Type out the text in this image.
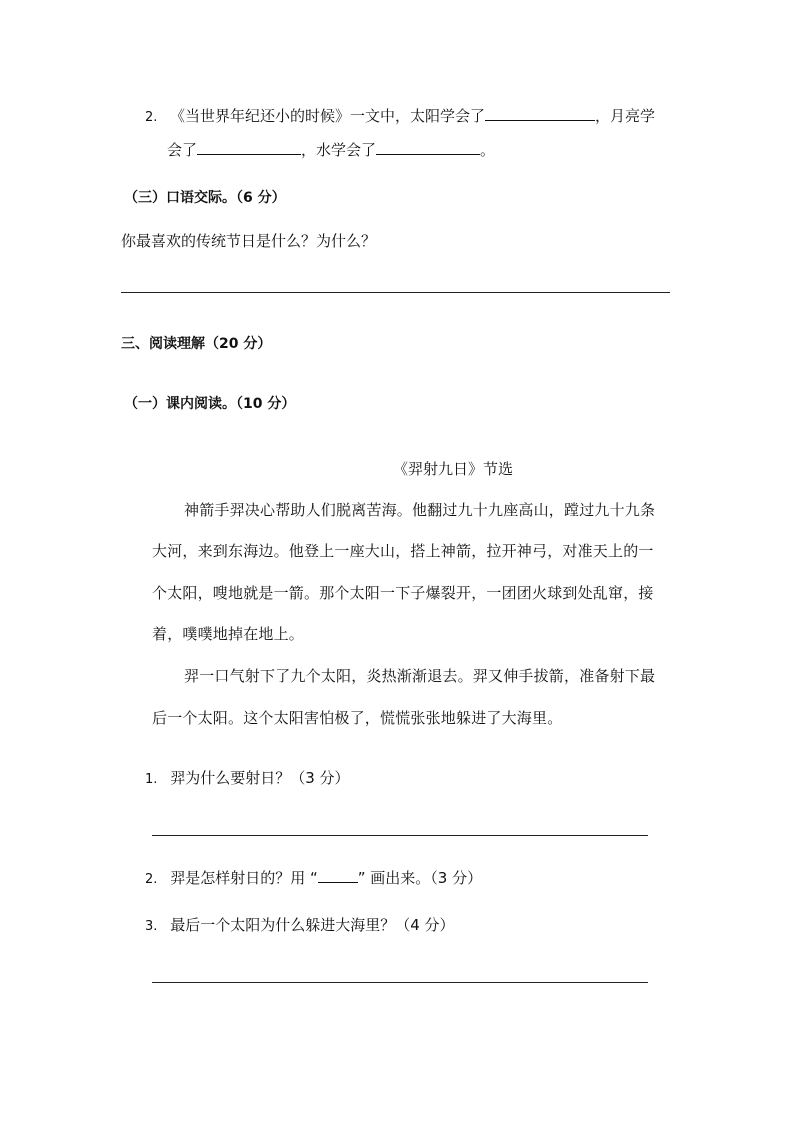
2. 《当世界年纪还小的时候》一文中，太阳学会了	，月亮学
会了	，水学会了	。
（三）口语交际。（6 分）
你最喜欢的传统节日是什么？为什么？
三、阅读理解（20 分）
（一）课内阅读。（10 分）
《羿射九日》节选
神箭手羿决心帮助人们脱离苦海。他翻过九十九座高山，蹚过九十九条
大河，来到东海边。他登上一座大山，搭上神箭，拉开神弓，对准天上的一
个太阳，嗖地就是一箭。那个太阳一下子爆裂开，一团团火球到处乱窜，接
着，噗噗地掉在地上。
羿一口气射下了九个太阳，炎热渐渐退去。羿又伸手拔箭，准备射下最
后一个太阳。这个太阳害怕极了，慌慌张张地躲进了大海里。
1. 羿为什么要射日？（3 分）
2. 羿是怎样射日的？用 “	” 画出来。（3 分）
3. 最后一个太阳为什么躲进大海里？（4 分）
